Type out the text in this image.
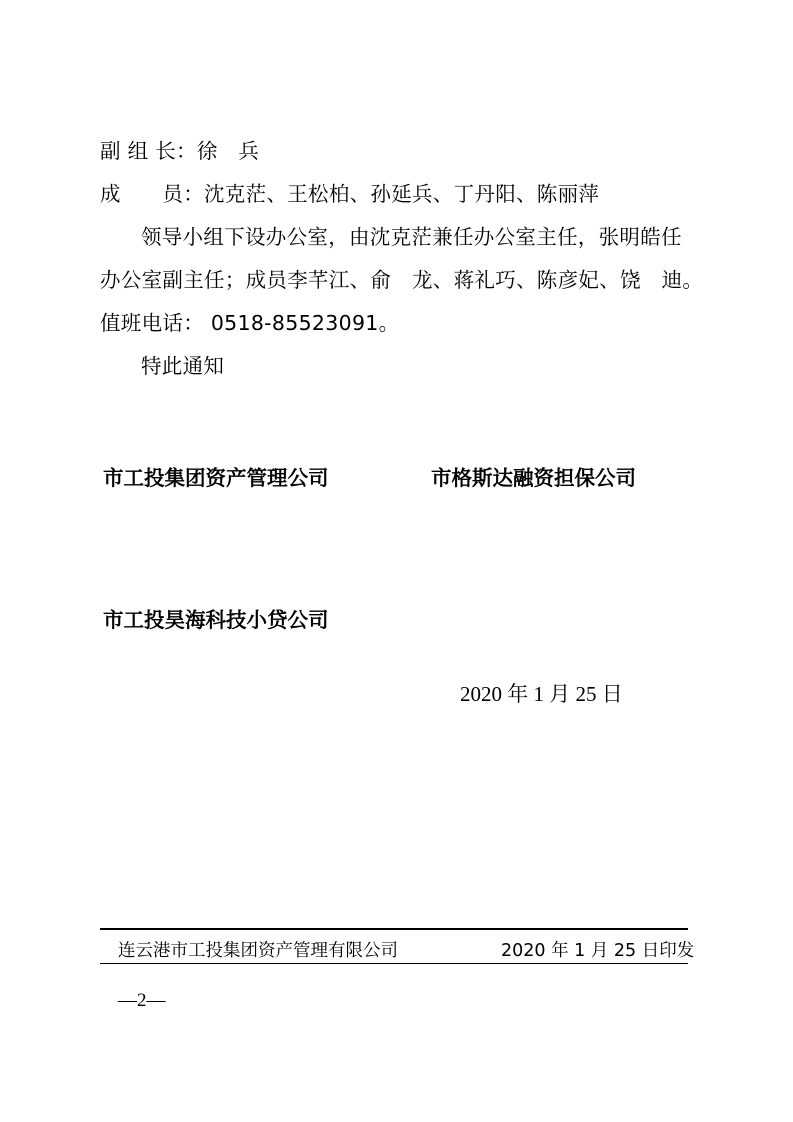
副 组 长：徐　兵

成　　员：沈克茫、王松柏、孙延兵、丁丹阳、陈丽萍

领导小组下设办公室，由沈克茫兼任办公室主任，张明皓任

办公室副主任；成员李芊江、俞　龙、蒋礼巧、陈彦妃、饶　迪。

值班电话： 0518-85523091。

特此通知

市工投集团资产管理公司　　　　　	市格斯达融资担保公司
市工投昊海科技小贷公司
2020 年 1 月 25 日
连云港市工投集团资产管理有限公司	2020 年 1 月 25 日印发
—2—
